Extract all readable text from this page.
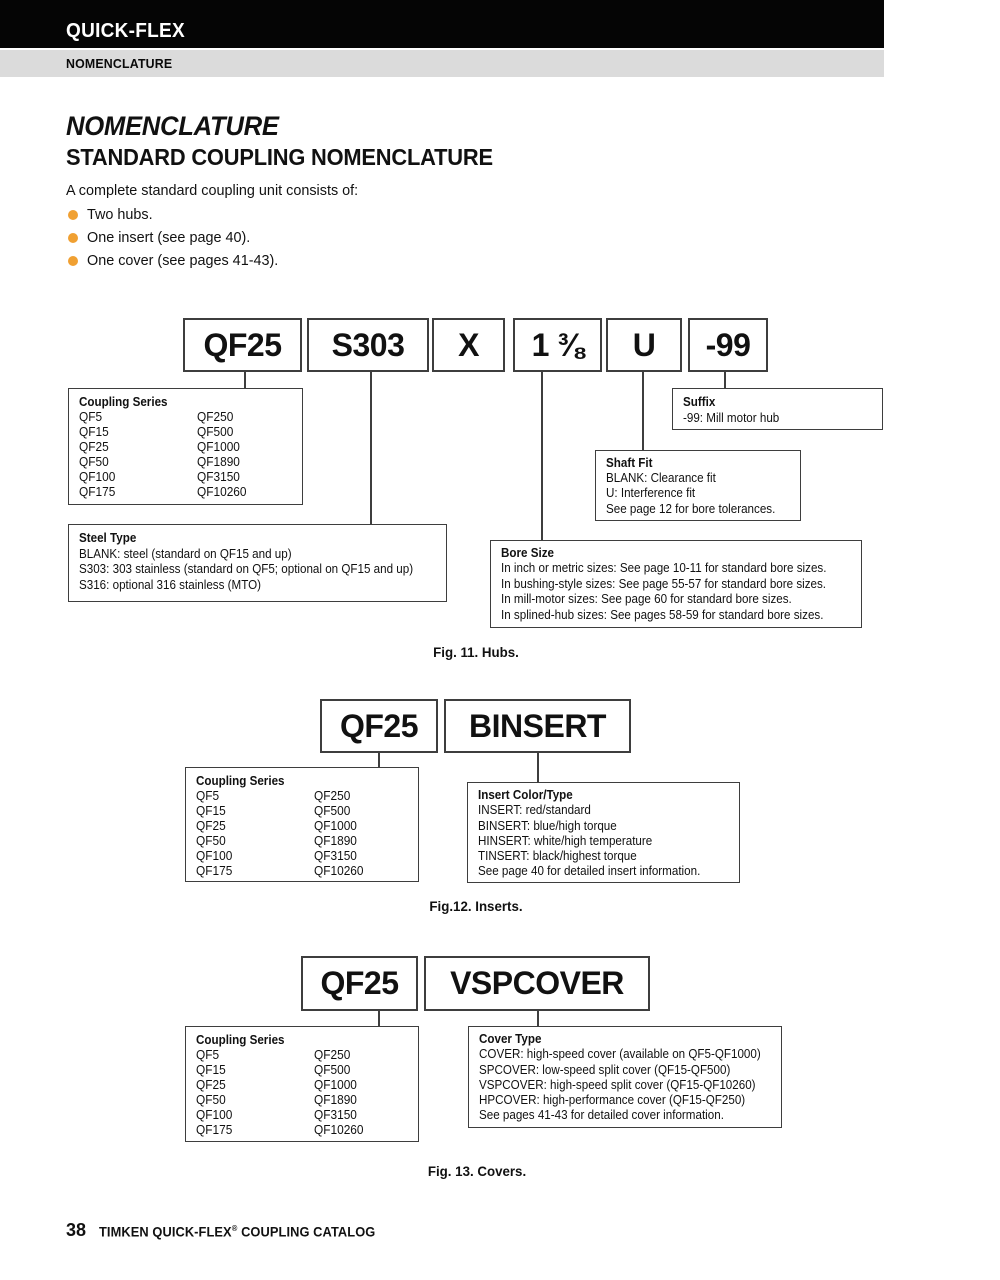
QUICK-FLEX
NOMENCLATURE
NOMENCLATURE
STANDARD COUPLING NOMENCLATURE
A complete standard coupling unit consists of:
Two hubs.
One insert (see page 40).
One cover (see pages 41-43).
QF25	S303	X	1 ⅜	U	-99
Coupling Series
QF5	QF250
QF15	QF500
QF25	QF1000
QF50	QF1890
QF100	QF3150
QF175	QF10260
Steel Type
BLANK: steel (standard on QF15 and up)
S303: 303 stainless (standard on QF5; optional on QF15 and up)
S316: optional 316 stainless (MTO)
Suffix
-99: Mill motor hub
Shaft Fit
BLANK: Clearance fit
U: Interference fit
See page 12 for bore tolerances.
Bore Size
In inch or metric sizes: See page 10-11 for standard bore sizes.
In bushing-style sizes: See page 55-57 for standard bore sizes.
In mill-motor sizes: See page 60 for standard bore sizes.
In splined-hub sizes: See pages 58-59 for standard bore sizes.
Fig. 11. Hubs.
QF25	BINSERT
Coupling Series
QF5	QF250
QF15	QF500
QF25	QF1000
QF50	QF1890
QF100	QF3150
QF175	QF10260
Insert Color/Type
INSERT: red/standard
BINSERT: blue/high torque
HINSERT: white/high temperature
TINSERT: black/highest torque
See page 40 for detailed insert information.
Fig.12. Inserts.
QF25	VSPCOVER
Coupling Series
QF5	QF250
QF15	QF500
QF25	QF1000
QF50	QF1890
QF100	QF3150
QF175	QF10260
Cover Type
COVER: high-speed cover (available on QF5-QF1000)
SPCOVER: low-speed split cover (QF15-QF500)
VSPCOVER: high-speed split cover (QF15-QF10260)
HPCOVER: high-performance cover (QF15-QF250)
See pages 41-43 for detailed cover information.
Fig. 13. Covers.
38 TIMKEN QUICK-FLEX® COUPLING CATALOG
